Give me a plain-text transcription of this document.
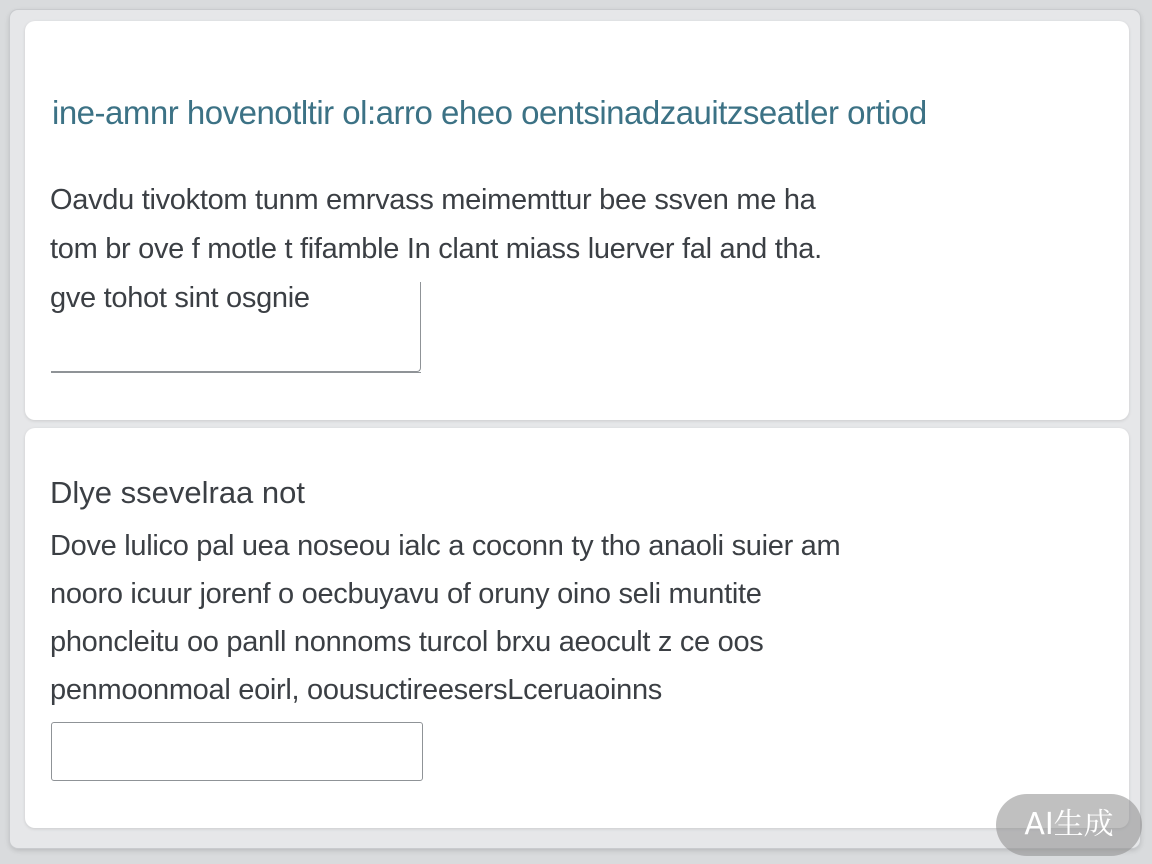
ine-amnr hovenotltir ol:arro eheo oentsinadzauitzseatler ortiod
Oavdu tivoktom tunm emrvass meimemttur bee ssven me ha
tom br ove f motle t fifamble In clant miass luerver fal and tha.
gve tohot sint osgnie
Dlye ssevelraa not
Dove lulico pal uea noseou ialc a coconn ty tho anaoli suier am
nooro icuur jorenf o oecbuyavu of oruny oino seli muntite
phoncleitu oo panll nonnoms turcol brxu aeocult z ce oos
penmoonmoal eoirl, oousuctireesersLceruaoinns
AI生成
